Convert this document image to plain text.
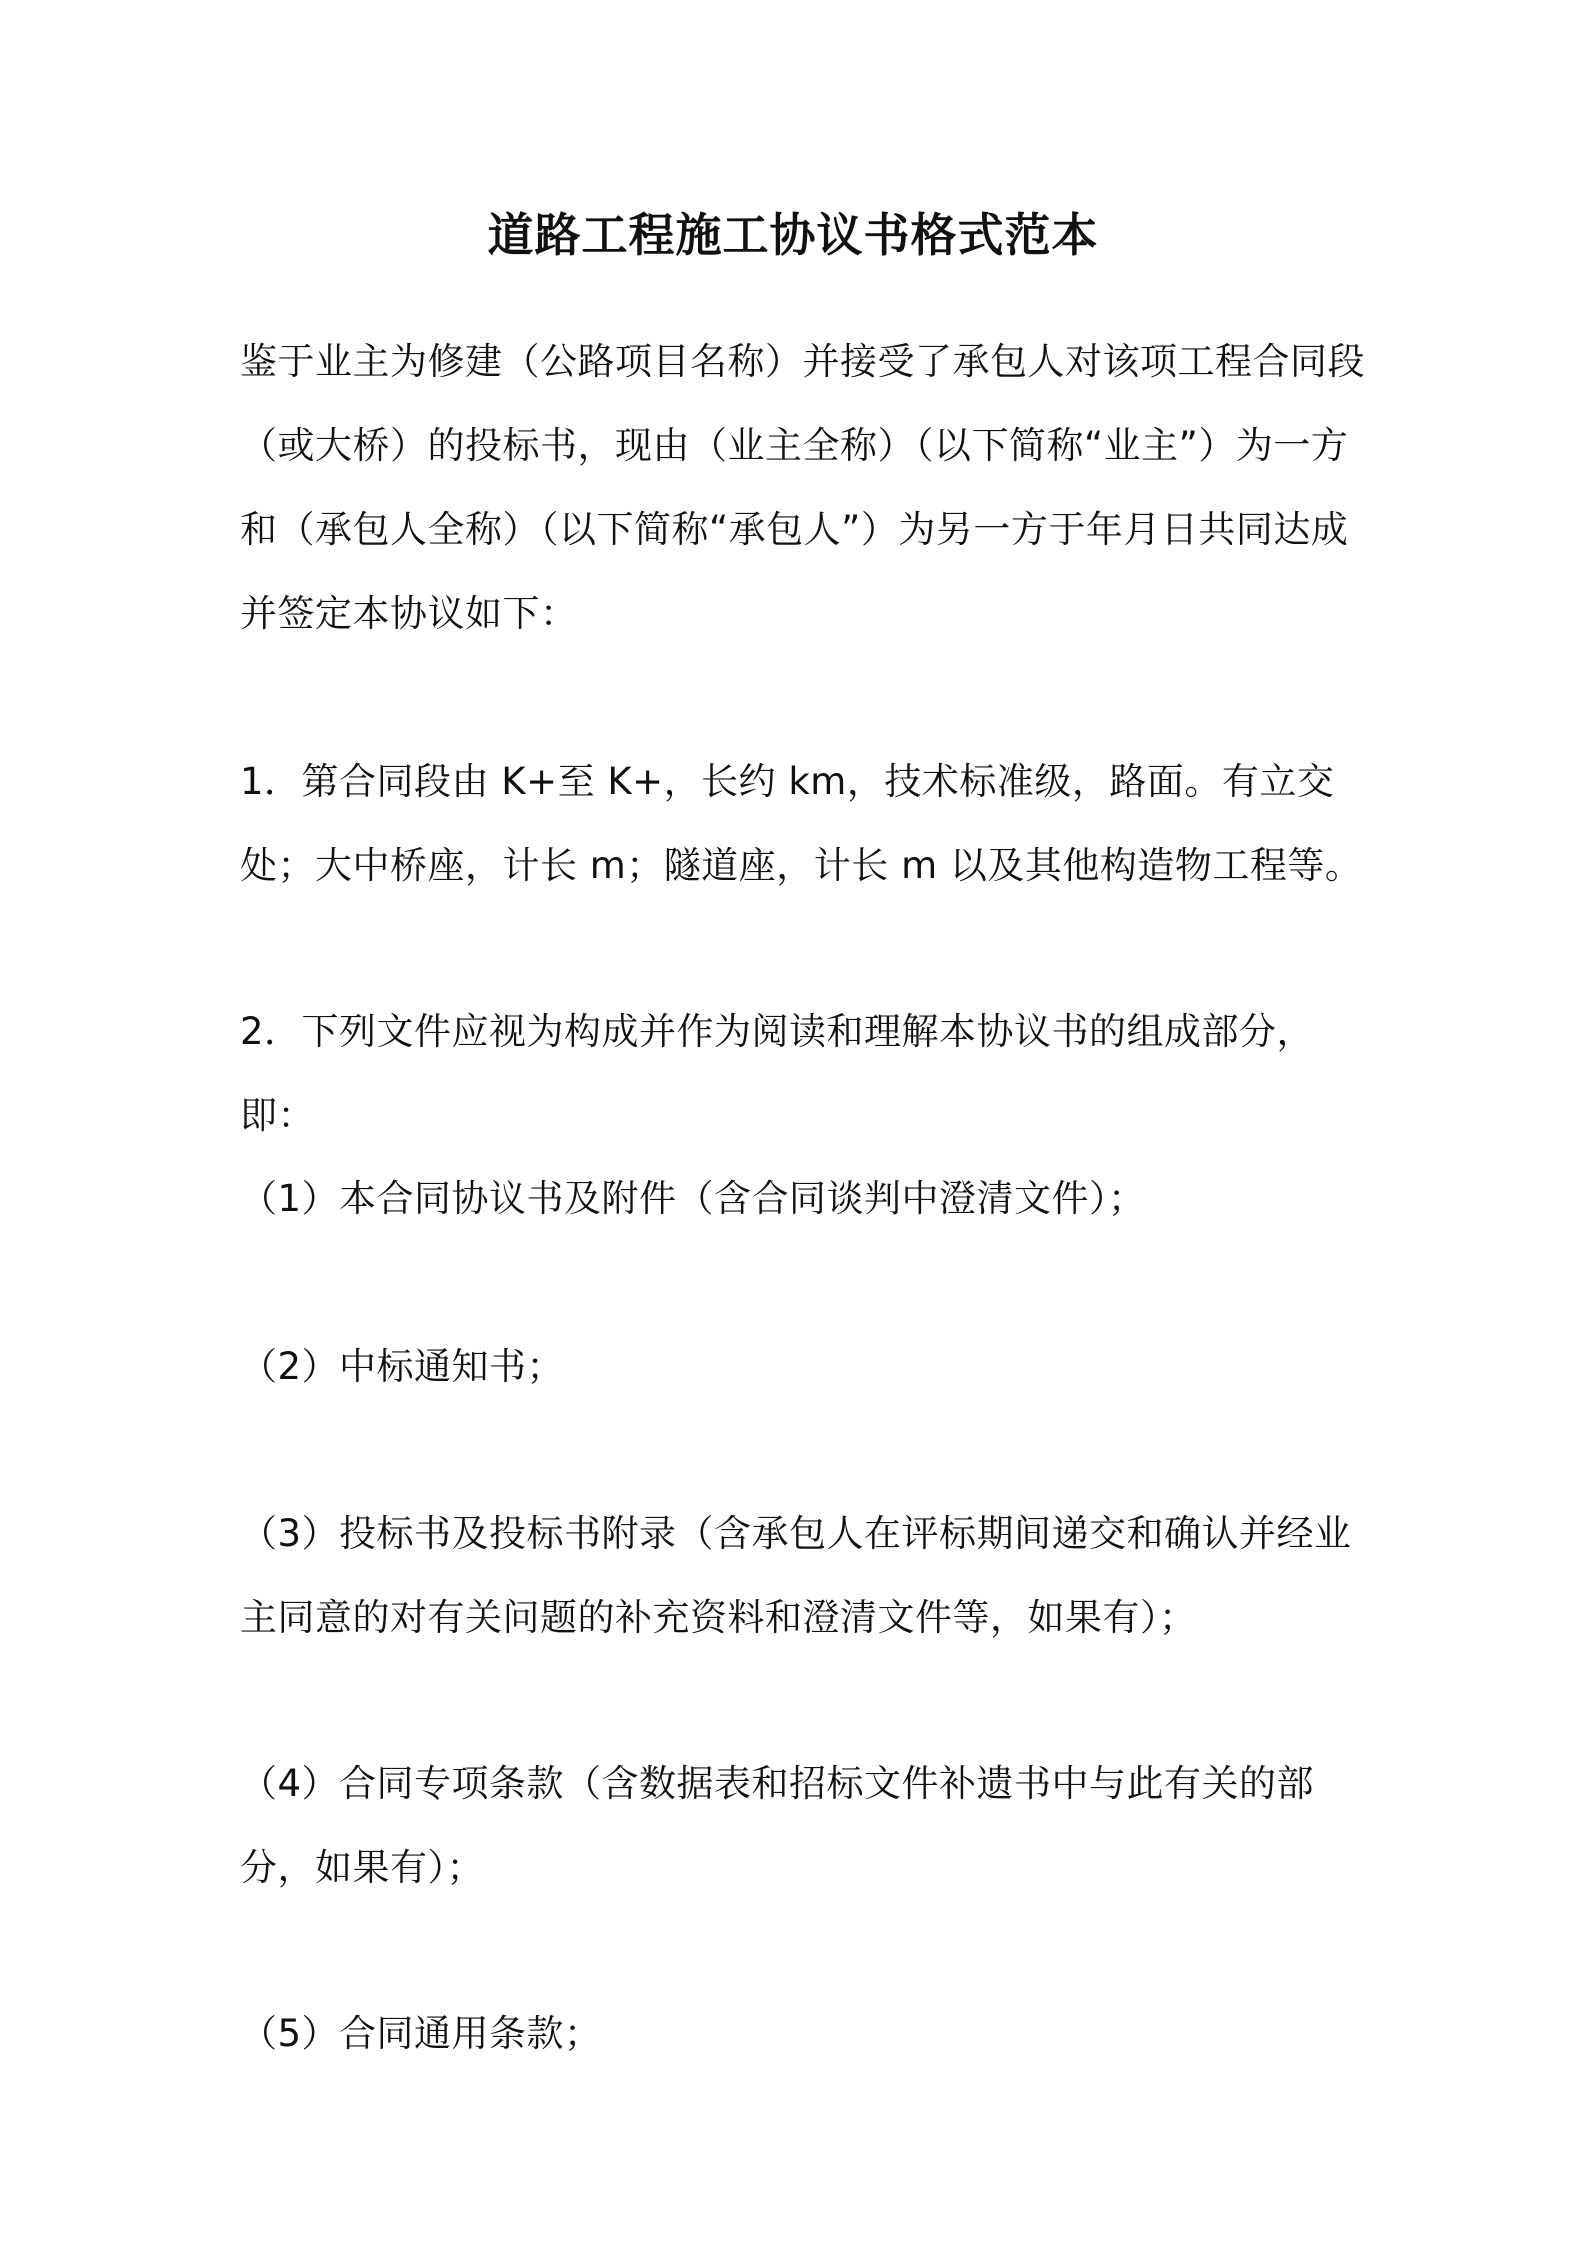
道路工程施工协议书格式范本

鉴于业主为修建（公路项目名称）并接受了承包人对该项工程合同段（或大桥）的投标书，现由（业主全称）（以下简称“业主”）为一方和（承包人全称）（以下简称“承包人”）为另一方于年月日共同达成并签定本协议如下：

1．第合同段由 K+至 K+，长约 km，技术标准级，路面。有立交处；大中桥座，计长 m；隧道座，计长 m 以及其他构造物工程等。

2．下列文件应视为构成并作为阅读和理解本协议书的组成部分，即：

（1）本合同协议书及附件（含合同谈判中澄清文件）；

（2）中标通知书；

（3）投标书及投标书附录（含承包人在评标期间递交和确认并经业主同意的对有关问题的补充资料和澄清文件等，如果有）；

（4）合同专项条款（含数据表和招标文件补遗书中与此有关的部分，如果有）；

（5）合同通用条款；
